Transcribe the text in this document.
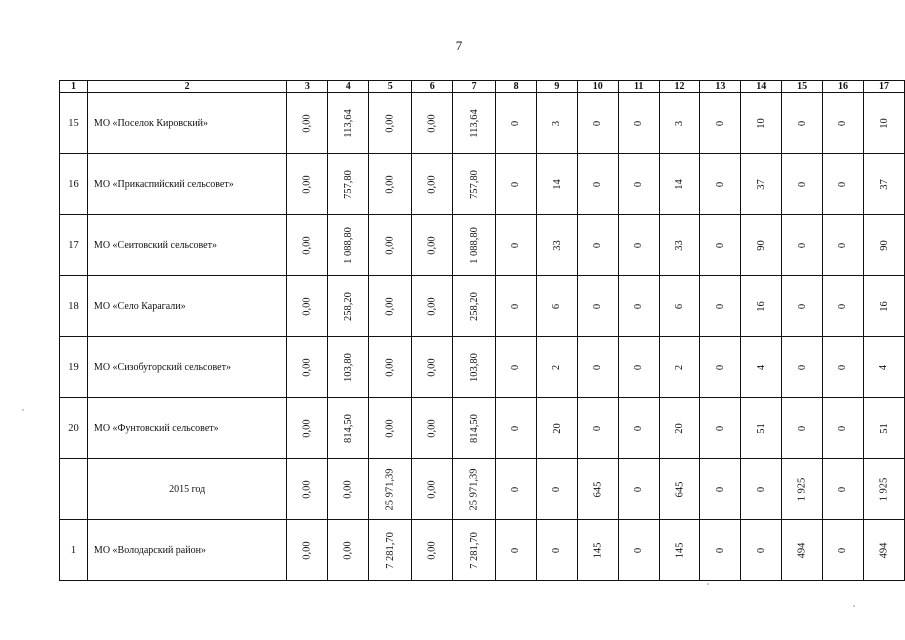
7
1	2	3	4	5	6	7	8	9	10	11	12	13	14	15	16	17
15	МО «Поселок Кировский»	0,00	113,64	0,00	0,00	113,64	0	3	0	0	3	0	10	0	0	10
16	МО «Прикаспийский сельсовет»	0,00	757,80	0,00	0,00	757,80	0	14	0	0	14	0	37	0	0	37
17	МО «Сеитовский сельсовет»	0,00	1 088,80	0,00	0,00	1 088,80	0	33	0	0	33	0	90	0	0	90
18	МО «Село Карагали»	0,00	258,20	0,00	0,00	258,20	0	6	0	0	6	0	16	0	0	16
19	МО «Сизобугорский сельсовет»	0,00	103,80	0,00	0,00	103,80	0	2	0	0	2	0	4	0	0	4
20	МО «Фунтовский сельсовет»	0,00	814,50	0,00	0,00	814,50	0	20	0	0	20	0	51	0	0	51
	2015 год	0,00	0,00	25 971,39	0,00	25 971,39	0	0	645	0	645	0	0	1 925	0	1 925
1	МО «Володарский район»	0,00	0,00	7 281,70	0,00	7 281,70	0	0	145	0	145	0	0	494	0	494
